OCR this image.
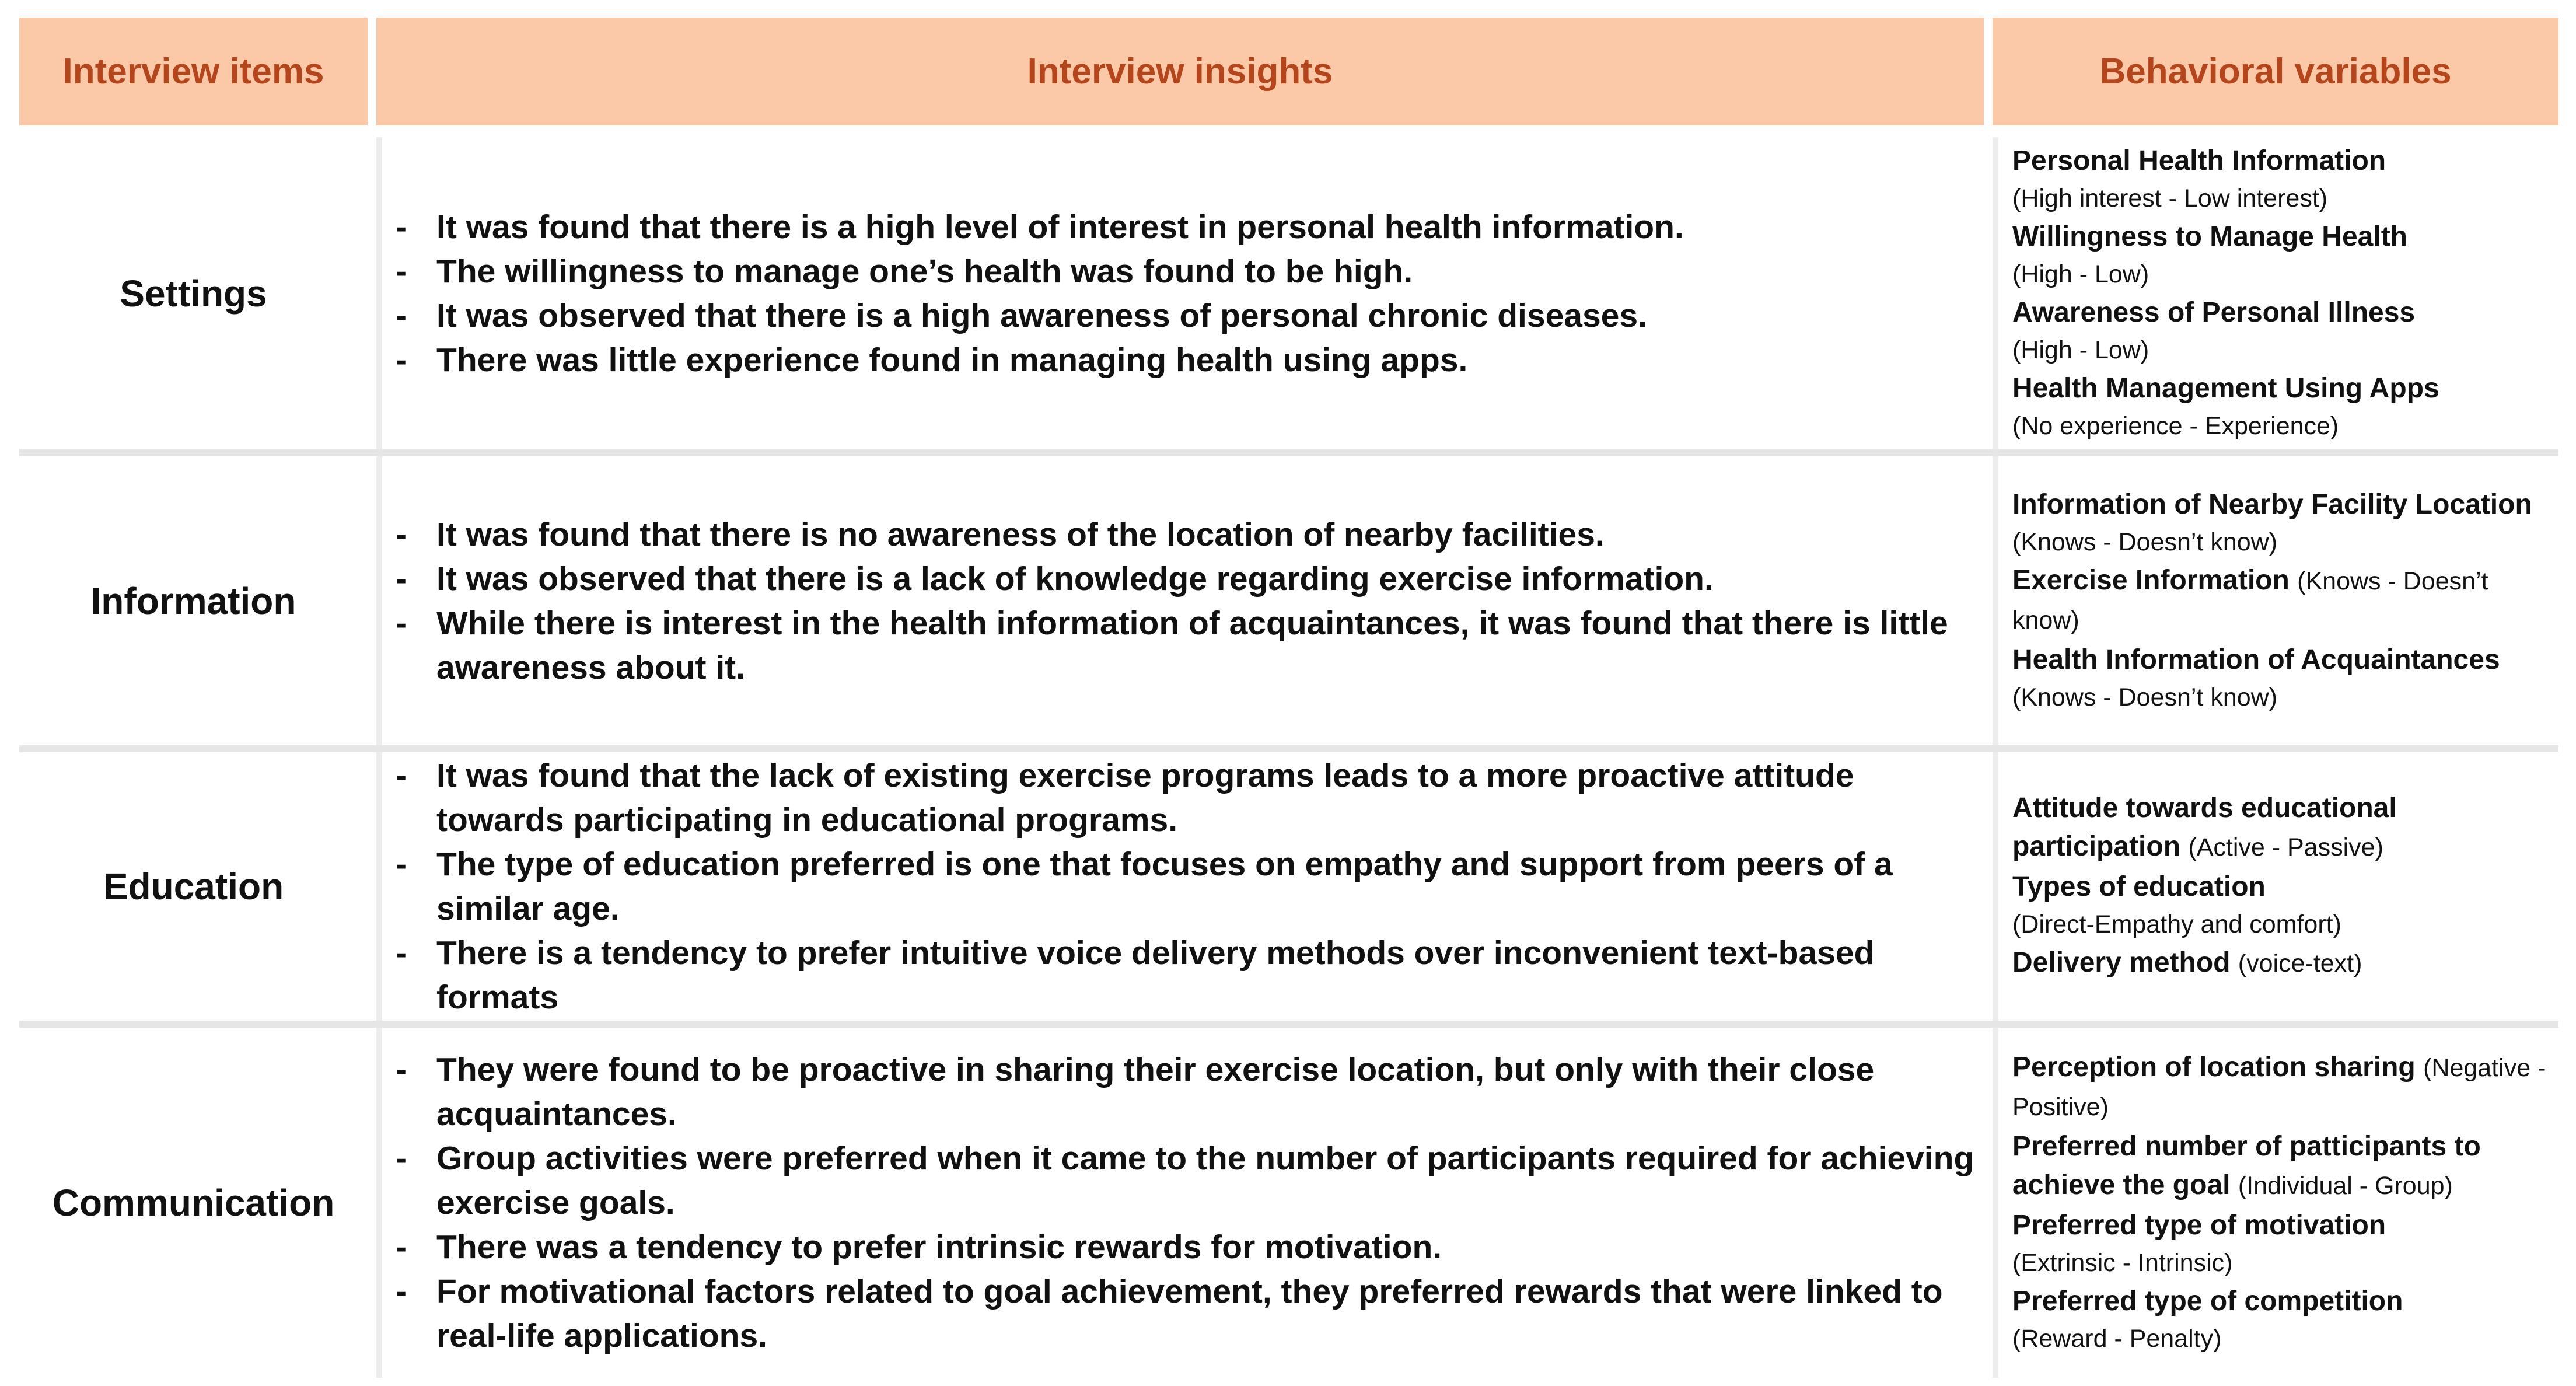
Interview items	Interview insights	Behavioral variables
Settings
- It was found that there is a high level of interest in personal health information.
- The willingness to manage one’s health was found to be high.
- It was observed that there is a high awareness of personal chronic diseases.
- There was little experience found in managing health using apps.
Personal Health Information
(High interest - Low interest)
Willingness to Manage Health
(High - Low)
Awareness of Personal Illness
(High - Low)
Health Management Using Apps
(No experience - Experience)
Information
- It was found that there is no awareness of the location of nearby facilities.
- It was observed that there is a lack of knowledge regarding exercise information.
- While there is interest in the health information of acquaintances, it was found that there is little awareness about it.
Information of Nearby Facility Location
(Knows - Doesn’t know)
Exercise Information (Knows - Doesn’t know)
Health Information of Acquaintances
(Knows - Doesn’t know)
Education
- It was found that the lack of existing exercise programs leads to a more proactive attitude towards participating in educational programs.
- The type of education preferred is one that focuses on empathy and support from peers of a similar age.
- There is a tendency to prefer intuitive voice delivery methods over inconvenient text-based formats
Attitude towards educational participation (Active - Passive)
Types of education
(Direct-Empathy and comfort)
Delivery method (voice-text)
Communication
- They were found to be proactive in sharing their exercise location, but only with their close acquaintances.
- Group activities were preferred when it came to the number of participants required for achieving exercise goals.
- There was a tendency to prefer intrinsic rewards for motivation.
- For motivational factors related to goal achievement, they preferred rewards that were linked to real-life applications.
Perception of location sharing (Negative - Positive)
Preferred number of patticipants to achieve the goal (Individual - Group)
Preferred type of motivation
(Extrinsic - Intrinsic)
Preferred type of competition
(Reward - Penalty)
